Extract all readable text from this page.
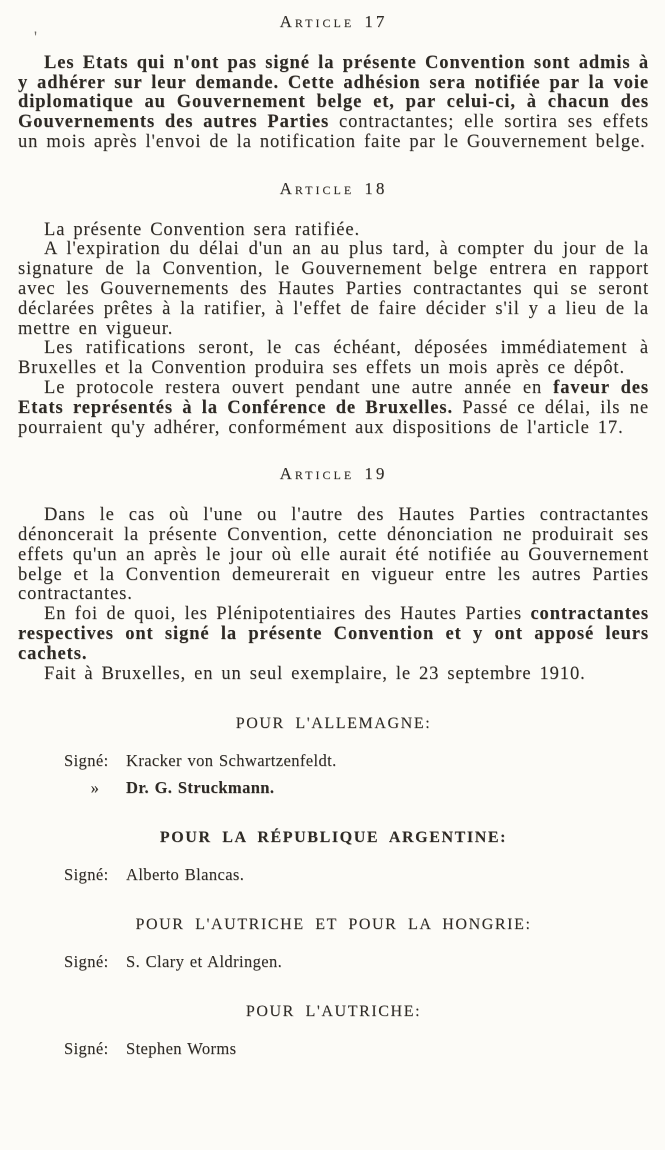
'
Article 17

Les Etats qui n'ont pas signé la présente Convention sont admis à y adhérer sur leur demande. Cette adhésion sera notifiée par la voie diplomatique au Gouvernement belge et, par celui-ci, à chacun des Gouvernements des autres Parties contractantes; elle sortira ses effets un mois après l'envoi de la notification faite par le Gouvernement belge.

Article 18

La présente Convention sera ratifiée.

A l'expiration du délai d'un an au plus tard, à compter du jour de la signature de la Convention, le Gouvernement belge entrera en rapport avec les Gouvernements des Hautes Parties contractantes qui se seront déclarées prêtes à la ratifier, à l'effet de faire décider s'il y a lieu de la mettre en vigueur.

Les ratifications seront, le cas échéant, déposées immédiatement à Bruxelles et la Convention produira ses effets un mois après ce dépôt.

Le protocole restera ouvert pendant une autre année en faveur des Etats représentés à la Conférence de Bruxelles. Passé ce délai, ils ne pourraient qu'y adhérer, conformément aux dispositions de l'article 17.

Article 19

Dans le cas où l'une ou l'autre des Hautes Parties contractantes dénoncerait la présente Convention, cette dénonciation ne produirait ses effets qu'un an après le jour où elle aurait été notifiée au Gouvernement belge et la Convention demeurerait en vigueur entre les autres Parties contractantes.

En foi de quoi, les Plénipotentiaires des Hautes Parties contractantes respectives ont signé la présente Convention et y ont apposé leurs cachets.

Fait à Bruxelles, en un seul exemplaire, le 23 septembre 1910.

POUR L'ALLEMAGNE:

Signé: Kracker von Schwartzenfeldt.

» Dr. G. Struckmann.

POUR LA RÉPUBLIQUE ARGENTINE:

Signé: Alberto Blancas.

POUR L'AUTRICHE ET POUR LA HONGRIE:

Signé: S. Clary et Aldringen.

POUR L'AUTRICHE:

Signé: Stephen Worms
